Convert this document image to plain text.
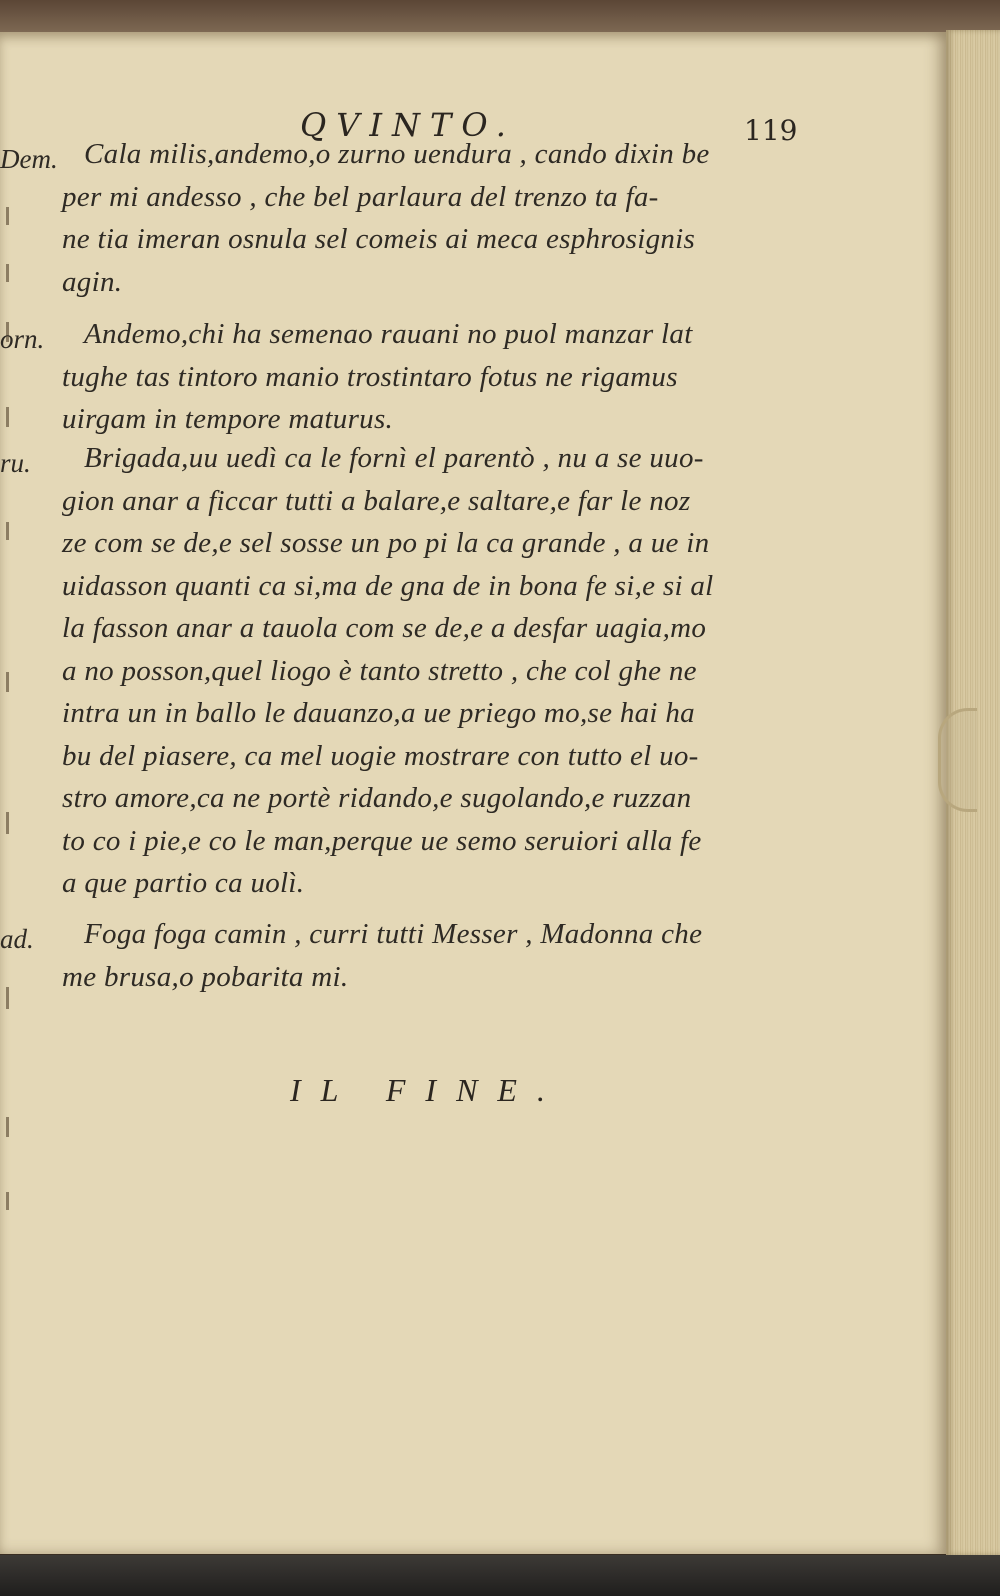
QVINTO.	119
Dem. Cala milis,andemo,o zurno uendura , cando dixin be
per mi andesso , che bel parlaura del trenzo ta fa-
ne tia imeran osnula sel comeis ai meca esphrosignis
agin.
orn. Andemo,chi ha semenao rauani no puol manzar lat
tughe tas tintoro manio trostintaro fotus ne rigamus
uirgam in tempore maturus.
ru. Brigada,uu uedì ca le fornì el parentò , nu a se uuo-
gion anar a ficcar tutti a balare,e saltare,e far le noz
ze com se de,e sel sosse un po pi la ca grande , a ue in
uidasson quanti ca si,ma de gna de in bona fe si,e si al
la fasson anar a tauola com se de,e a desfar uagia,mo
a no posson,quel liogo è tanto stretto , che col ghe ne
intra un in ballo le dauanzo,a ue priego mo,se hai ha
bu del piasere, ca mel uogie mostrare con tutto el uo-
stro amore,ca ne portè ridando,e sugolando,e ruzzan
to co i pie,e co le man,perque ue semo seruiori alla fe
a que partio ca uolì.
ad. Foga foga camin , curri tutti Messer , Madonna che
me brusa,o pobarita mi.
IL FINE.
